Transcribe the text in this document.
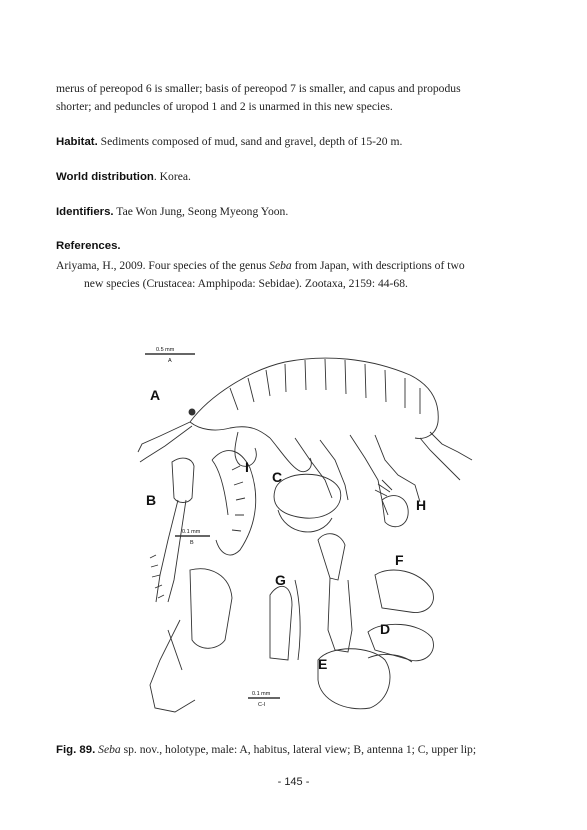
merus of pereopod 6 is smaller; basis of pereopod 7 is smaller, and capus and propodus
shorter; and peduncles of uropod 1 and 2 is unarmed in this new species.
Habitat. Sediments composed of mud, sand and gravel, depth of 15-20 m.
World distribution. Korea.
Identifiers. Tae Won Jung, Seong Myeong Yoon.
References.
Ariyama, H., 2009. Four species of the genus Seba from Japan, with descriptions of two
new species (Crustacea: Amphipoda: Sebidae). Zootaxa, 2159: 44-68.
0.5 mm
A
0.1 mm
B
0.1 mm
C-I
A
B
C
D
E
F
G
H
I
Fig. 89. Seba sp. nov., holotype, male: A, habitus, lateral view; B, antenna 1; C, upper lip;
- 145 -
